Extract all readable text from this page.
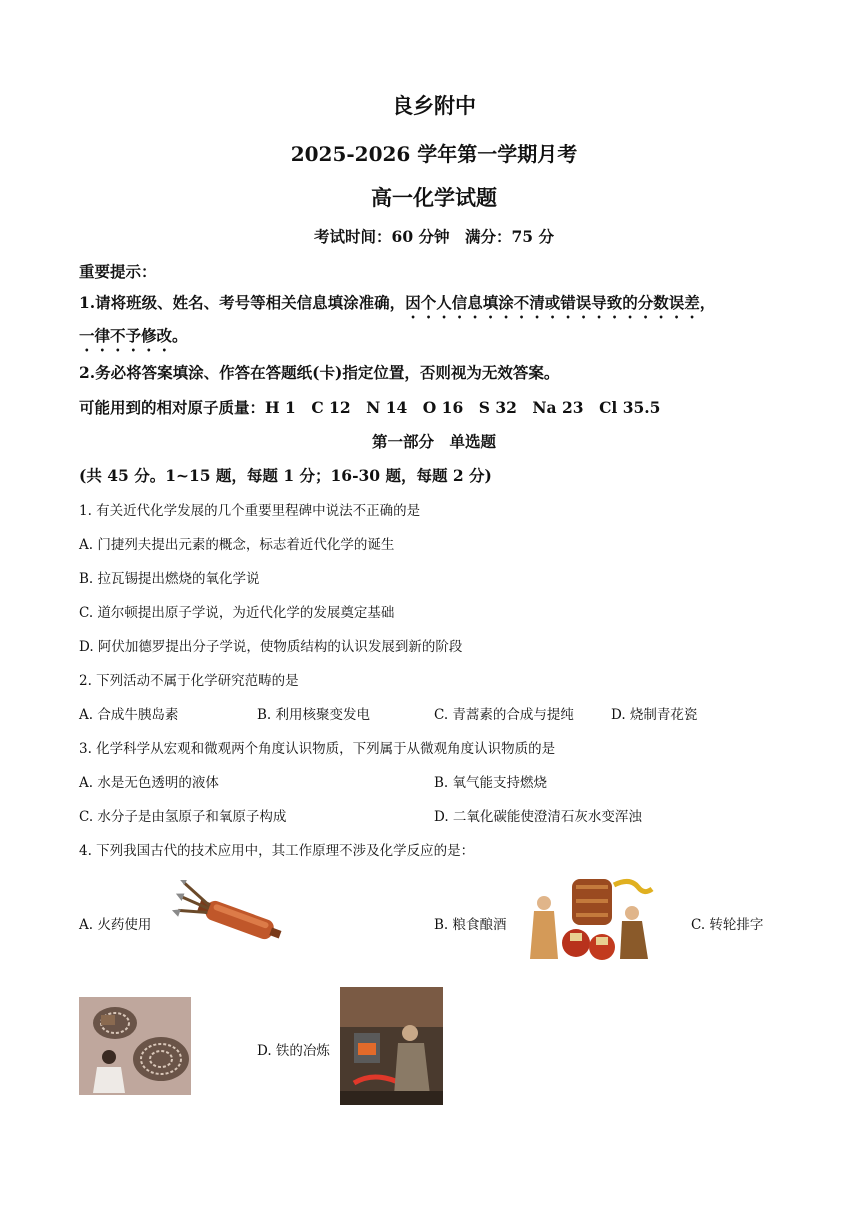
良乡附中
2025-2026 学年第一学期月考
高一化学试题
考试时间：60 分钟　满分：75 分
重要提示：
1.请将班级、姓名、考号等相关信息填涂准确，因个人信息填涂不清或错误导致的分数误差，
一律不予修改。
2.务必将答案填涂、作答在答题纸(卡)指定位置，否则视为无效答案。
可能用到的相对原子质量：H 1　C 12　N 14　O 16　S 32　Na 23　Cl 35.5
第一部分　单选题
(共 45 分。1~15 题，每题 1 分；16-30 题，每题 2 分)
1. 有关近代化学发展的几个重要里程碑中说法不正确的是
A. 门捷列夫提出元素的概念，标志着近代化学的诞生
B. 拉瓦锡提出燃烧的氧化学说
C. 道尔顿提出原子学说，为近代化学的发展奠定基础
D. 阿伏加德罗提出分子学说，使物质结构的认识发展到新的阶段
2. 下列活动不属于化学研究范畴的是
A. 合成牛胰岛素	B. 利用核聚变发电	C. 青蒿素的合成与提纯	D. 烧制青花瓷
3. 化学科学从宏观和微观两个角度认识物质，下列属于从微观角度认识物质的是
A. 水是无色透明的液体	B. 氧气能支持燃烧
C. 水分子是由氢原子和氧原子构成	D. 二氧化碳能使澄清石灰水变浑浊
4. 下列我国古代的技术应用中，其工作原理不涉及化学反应的是：
A. 火药使用	B. 粮食酿酒	C. 转轮排字
D. 铁的冶炼
